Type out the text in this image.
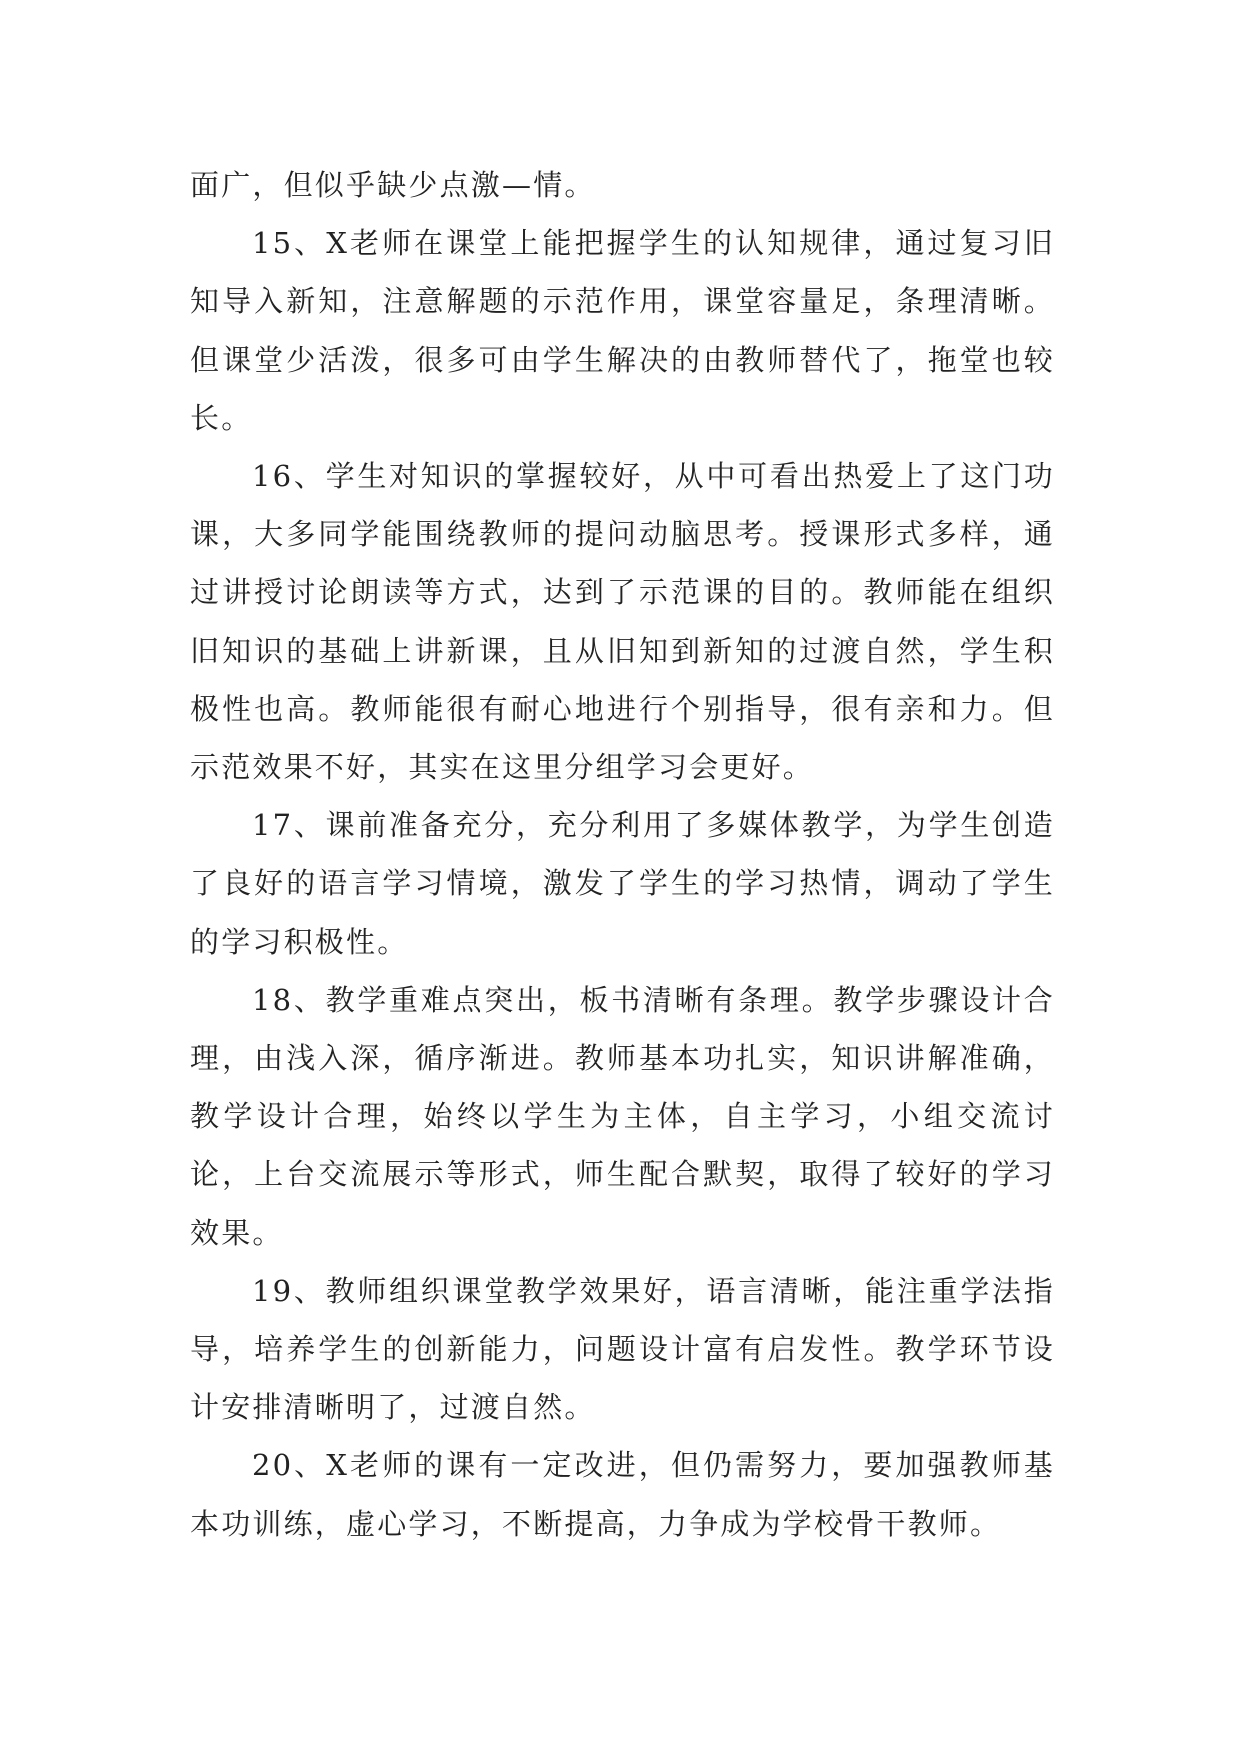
面广，但似乎缺少点激—情。

15、X老师在课堂上能把握学生的认知规律，通过复习旧知导入新知，注意解题的示范作用，课堂容量足，条理清晰。但课堂少活泼，很多可由学生解决的由教师替代了，拖堂也较长。

16、学生对知识的掌握较好，从中可看出热爱上了这门功课，大多同学能围绕教师的提问动脑思考。授课形式多样，通过讲授讨论朗读等方式，达到了示范课的目的。教师能在组织旧知识的基础上讲新课，且从旧知到新知的过渡自然，学生积极性也高。教师能很有耐心地进行个别指导，很有亲和力。但示范效果不好，其实在这里分组学习会更好。

17、课前准备充分，充分利用了多媒体教学，为学生创造了良好的语言学习情境，激发了学生的学习热情，调动了学生的学习积极性。

18、教学重难点突出，板书清晰有条理。教学步骤设计合理，由浅入深，循序渐进。教师基本功扎实，知识讲解准确，教学设计合理，始终以学生为主体，自主学习，小组交流讨论，上台交流展示等形式，师生配合默契，取得了较好的学习效果。

19、教师组织课堂教学效果好，语言清晰，能注重学法指导，培养学生的创新能力，问题设计富有启发性。教学环节设计安排清晰明了，过渡自然。

20、X老师的课有一定改进，但仍需努力，要加强教师基本功训练，虚心学习，不断提高，力争成为学校骨干教师。
